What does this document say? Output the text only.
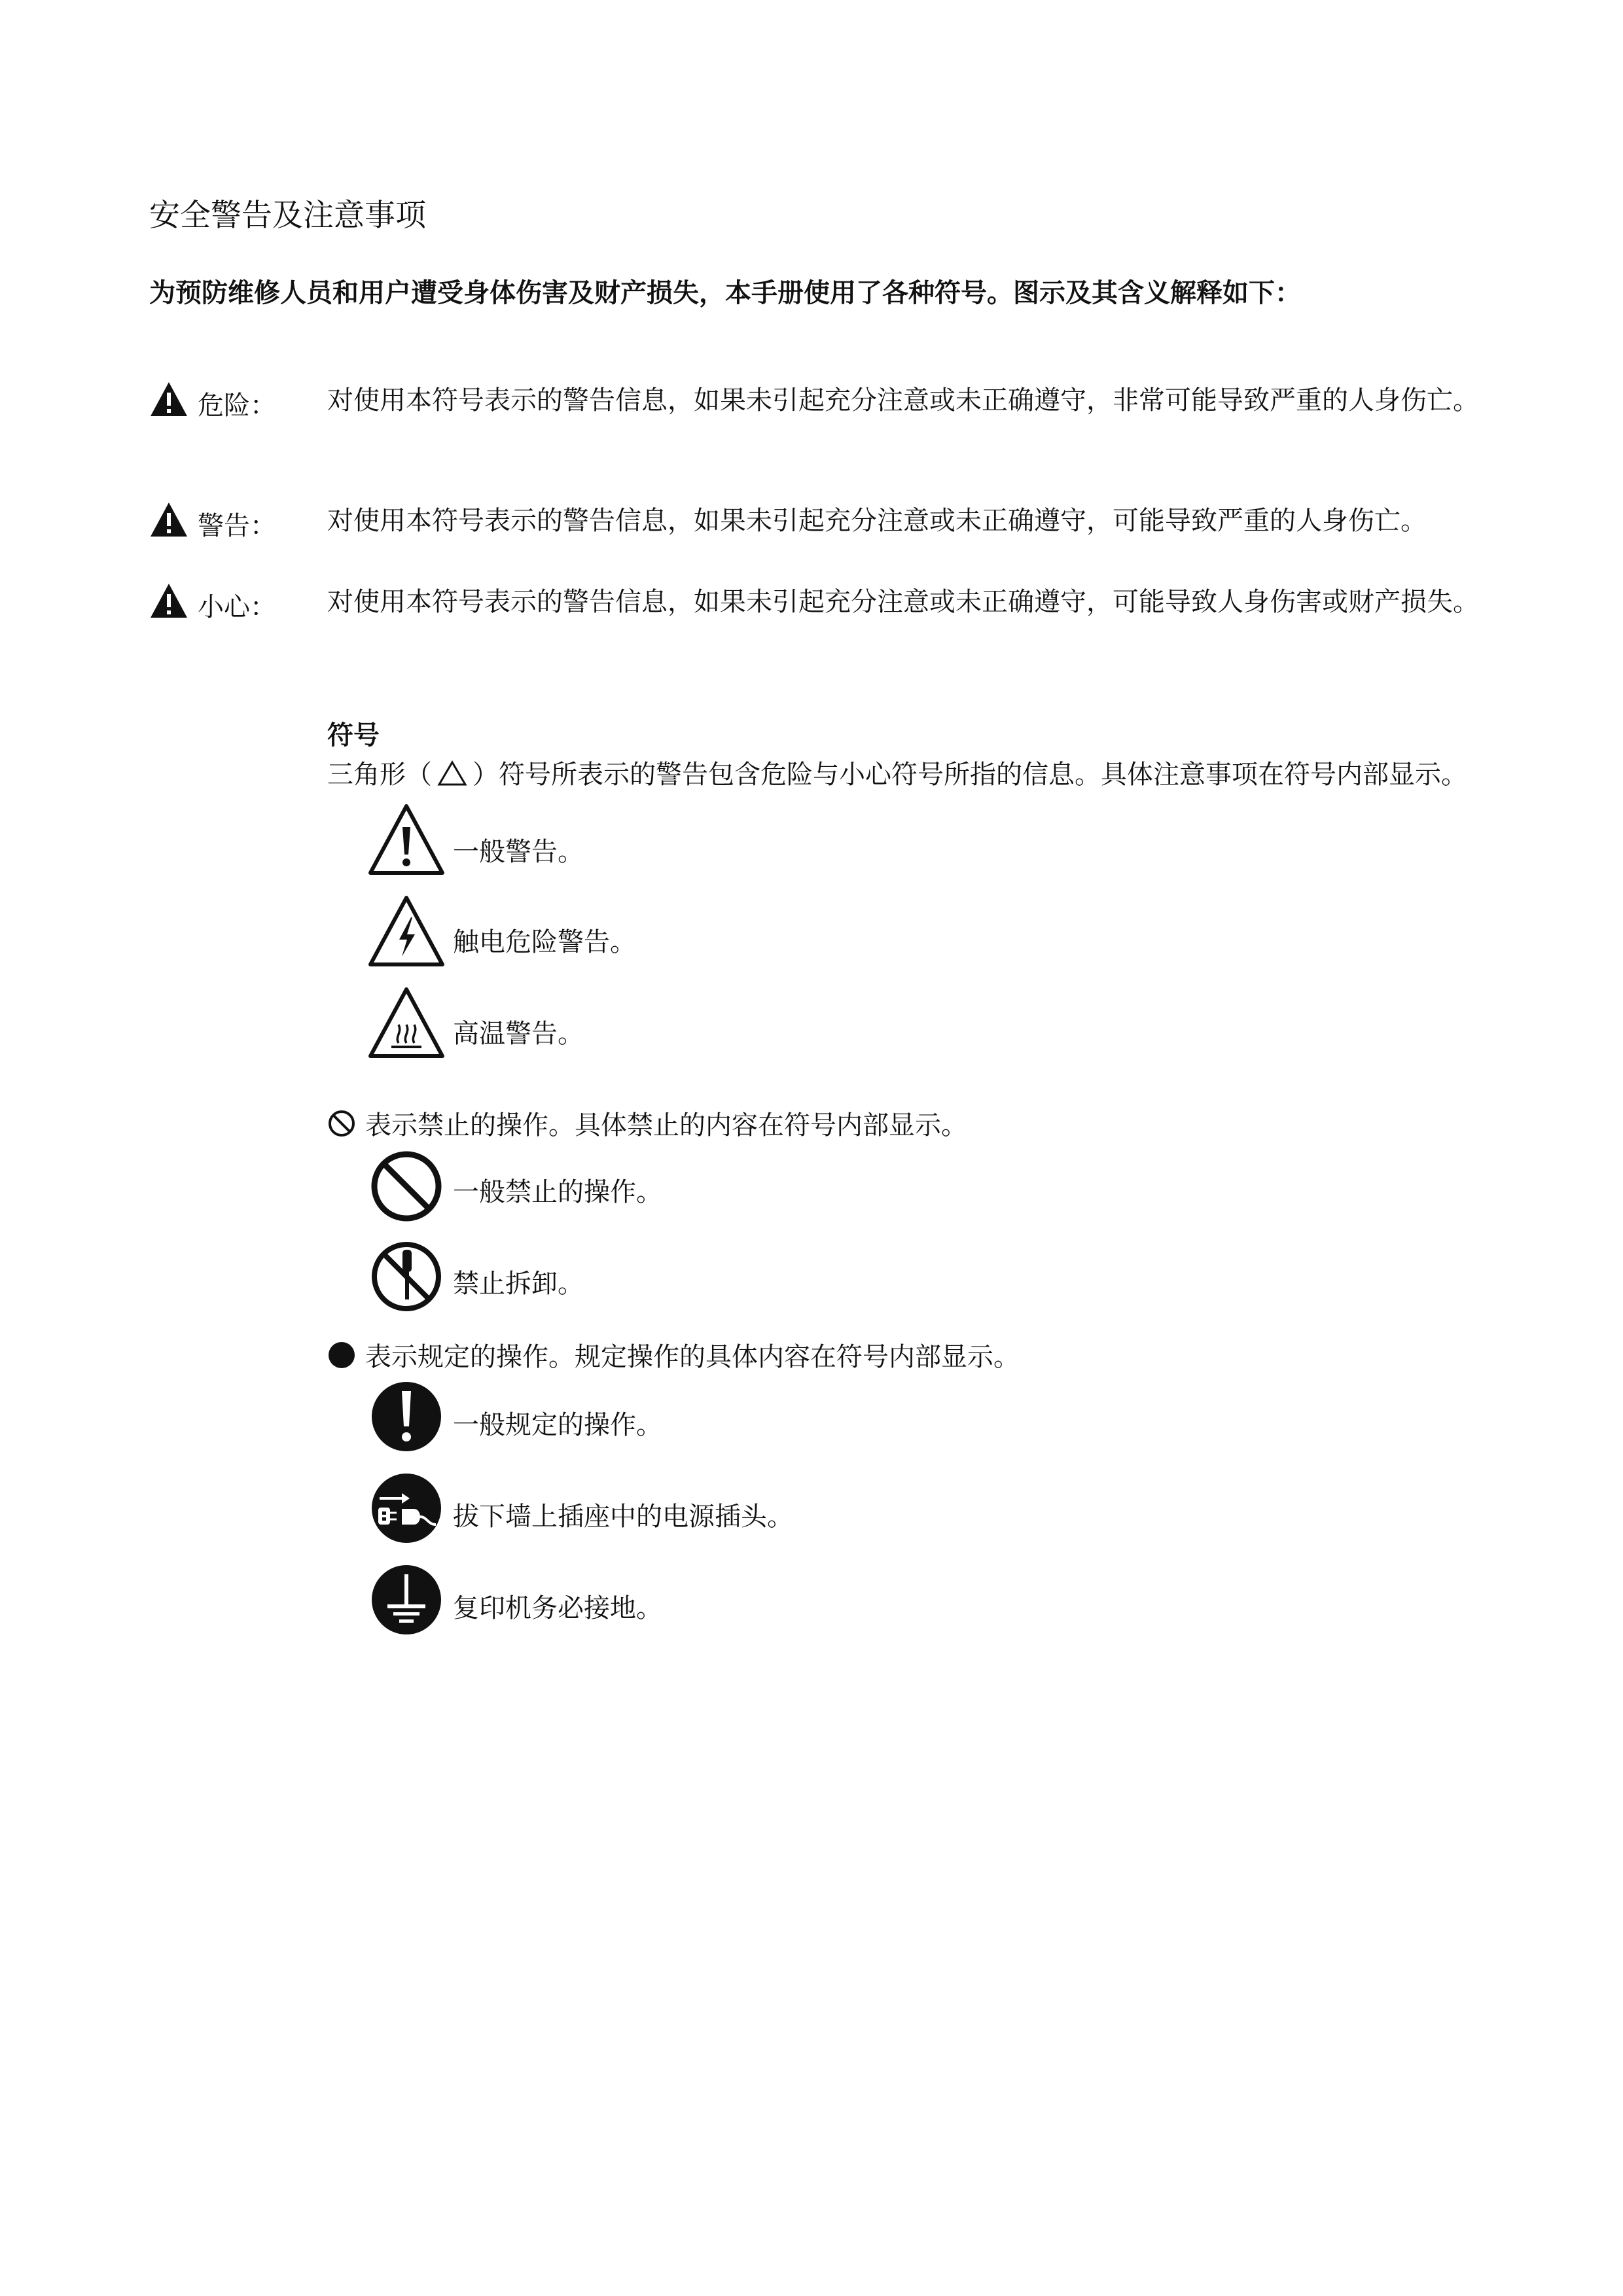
安全警告及注意事项
为预防维修人员和用户遭受身体伤害及财产损失，本手册使用了各种符号。图示及其含义解释如下：
危险： 对使用本符号表示的警告信息，如果未引起充分注意或未正确遵守，非常可能导致严重的人身伤亡。
警告： 对使用本符号表示的警告信息，如果未引起充分注意或未正确遵守，可能导致严重的人身伤亡。
小心： 对使用本符号表示的警告信息，如果未引起充分注意或未正确遵守，可能导致人身伤害或财产损失。
符号
三角形（ ）符号所表示的警告包含危险与小心符号所指的信息。具体注意事项在符号内部显示。
一般警告。
触电危险警告。
高温警告。
表示禁止的操作。具体禁止的内容在符号内部显示。
一般禁止的操作。
禁止拆卸。
表示规定的操作。规定操作的具体内容在符号内部显示。
一般规定的操作。
拔下墙上插座中的电源插头。
复印机务必接地。
